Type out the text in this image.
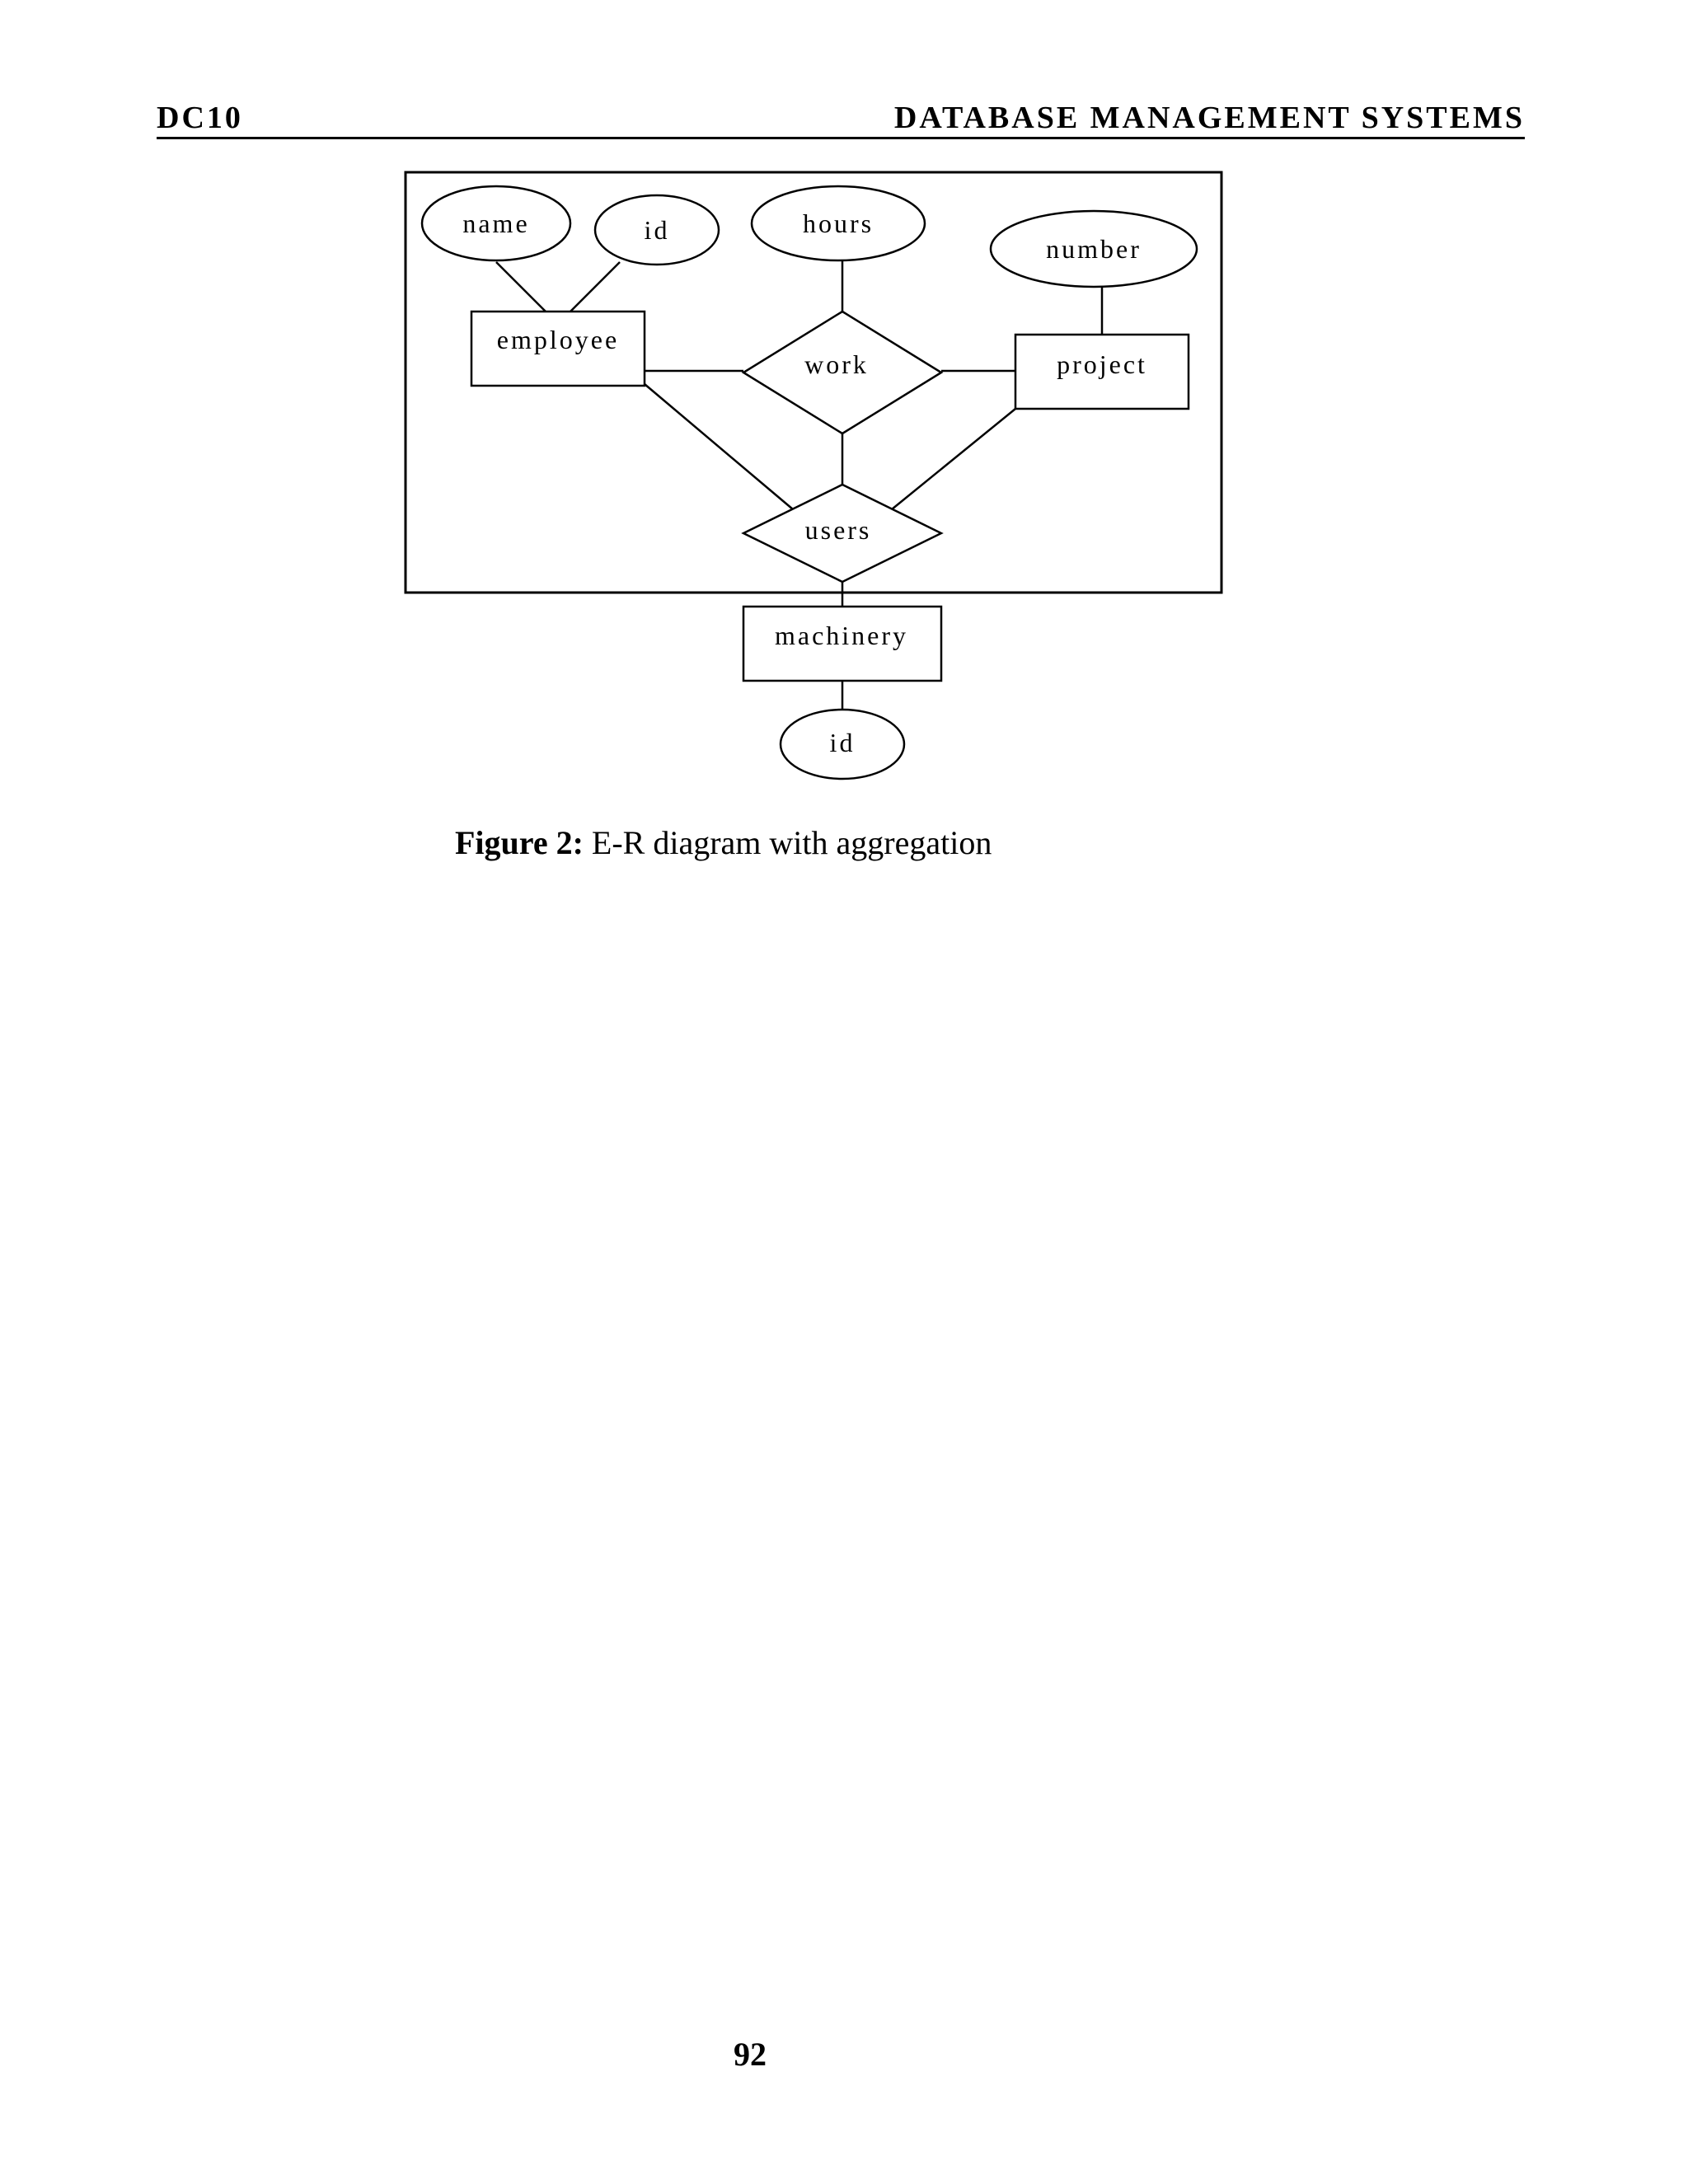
DC10	DATABASE MANAGEMENT SYSTEMS
name	id	hours
number
employee
project
work
users
machinery
id
Figure 2: E-R diagram with aggregation
92
